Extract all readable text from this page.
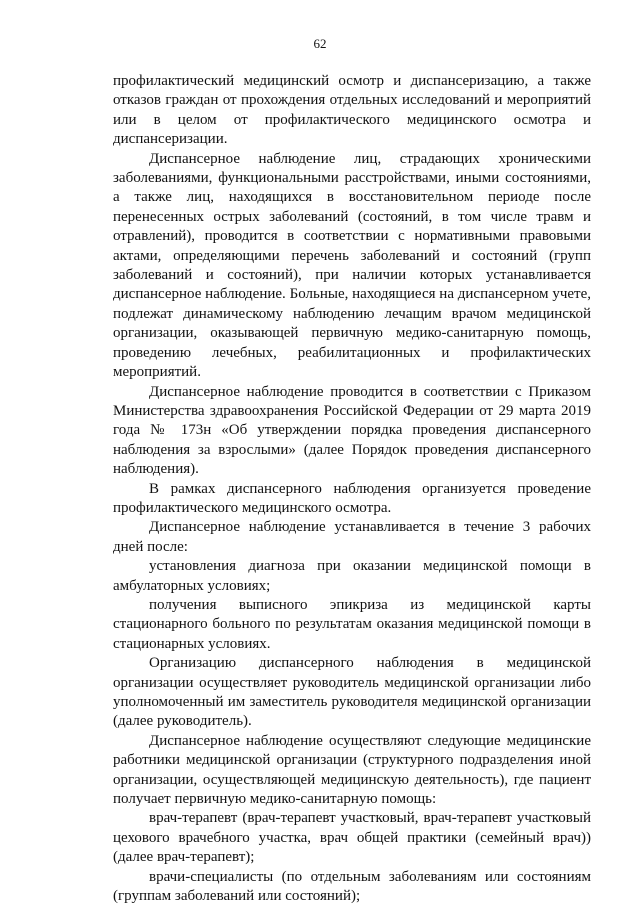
62

профилактический медицинский осмотр и диспансеризацию, а также отказов граждан от прохождения отдельных исследований и мероприятий или в целом от профилактического медицинского осмотра и диспансеризации.

Диспансерное наблюдение лиц, страдающих хроническими заболеваниями, функциональными расстройствами, иными состояниями, а также лиц, находящихся в восстановительном периоде после перенесенных острых заболеваний (состояний, в том числе травм и отравлений), проводится в соответствии с нормативными правовыми актами, определяющими перечень заболеваний и состояний (групп заболеваний и состояний), при наличии которых устанавливается диспансерное наблюдение. Больные, находящиеся на диспансерном учете, подлежат динамическому наблюдению лечащим врачом медицинской организации, оказывающей первичную медико-санитарную помощь, проведению лечебных, реабилитационных и профилактических мероприятий.

Диспансерное наблюдение проводится в соответствии с Приказом Министерства здравоохранения Российской Федерации от 29 марта 2019 года № 173н «Об утверждении порядка проведения диспансерного наблюдения за взрослыми» (далее Порядок проведения диспансерного наблюдения).

В рамках диспансерного наблюдения организуется проведение профилактического медицинского осмотра.

Диспансерное наблюдение устанавливается в течение 3 рабочих дней после:

установления диагноза при оказании медицинской помощи в амбулаторных условиях;

получения выписного эпикриза из медицинской карты стационарного больного по результатам оказания медицинской помощи в стационарных условиях.

Организацию диспансерного наблюдения в медицинской организации осуществляет руководитель медицинской организации либо уполномоченный им заместитель руководителя медицинской организации (далее руководитель).

Диспансерное наблюдение осуществляют следующие медицинские работники медицинской организации (структурного подразделения иной организации, осуществляющей медицинскую деятельность), где пациент получает первичную медико-санитарную помощь:

врач-терапевт (врач-терапевт участковый, врач-терапевт участковый цехового врачебного участка, врач общей практики (семейный врач)) (далее врач-терапевт);

врачи-специалисты (по отдельным заболеваниям или состояниям (группам заболеваний или состояний);
